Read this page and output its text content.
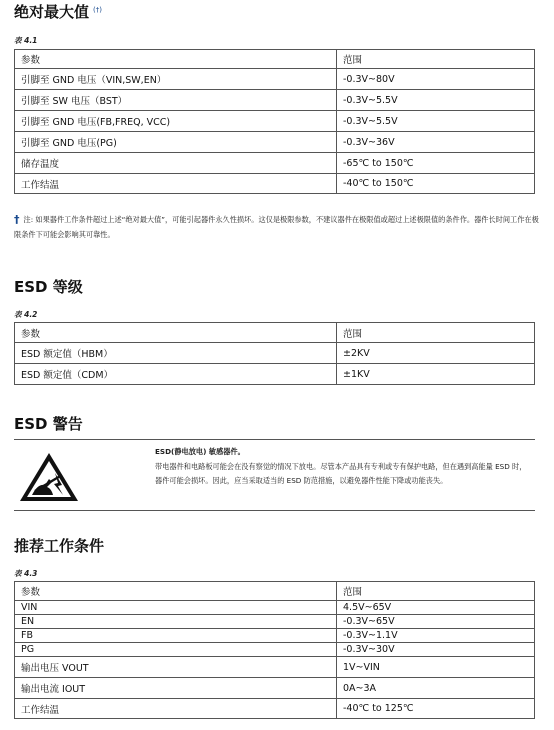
绝对最大值 (†)
表 4.1
参数	范围
引脚至 GND 电压（VIN,SW,EN）	-0.3V~80V
引脚至 SW 电压（BST）	-0.3V~5.5V
引脚至 GND 电压(FB,FREQ, VCC)	-0.3V~5.5V
引脚至 GND 电压(PG)	-0.3V~36V
储存温度	-65℃ to 150℃
工作结温	-40℃ to 150℃
† 注: 如果器件工作条件超过上述“绝对最大值”，可能引起器件永久性损坏。这仅是极限参数，不建议器件在极限值或超过上述极限值的条件作。器件长时间工作在极限条件下可能会影响其可靠性。
ESD 等级
表 4.2
参数	范围
ESD 额定值（HBM）	±2KV
ESD 额定值（CDM）	±1KV
ESD 警告
ESD(静电放电) 敏感器件。
带电器件和电路板可能会在没有察觉的情况下放电。尽管本产品具有专利或专有保护电路，但在遇到高能量 ESD 时，器件可能会损坏。因此，应当采取适当的 ESD 防范措施，以避免器件性能下降或功能丧失。
推荐工作条件
表 4.3
参数	范围
VIN	4.5V~65V
EN	-0.3V~65V
FB	-0.3V~1.1V
PG	-0.3V~30V
输出电压 VOUT	1V~VIN
输出电流 IOUT	0A~3A
工作结温	-40℃ to 125℃
